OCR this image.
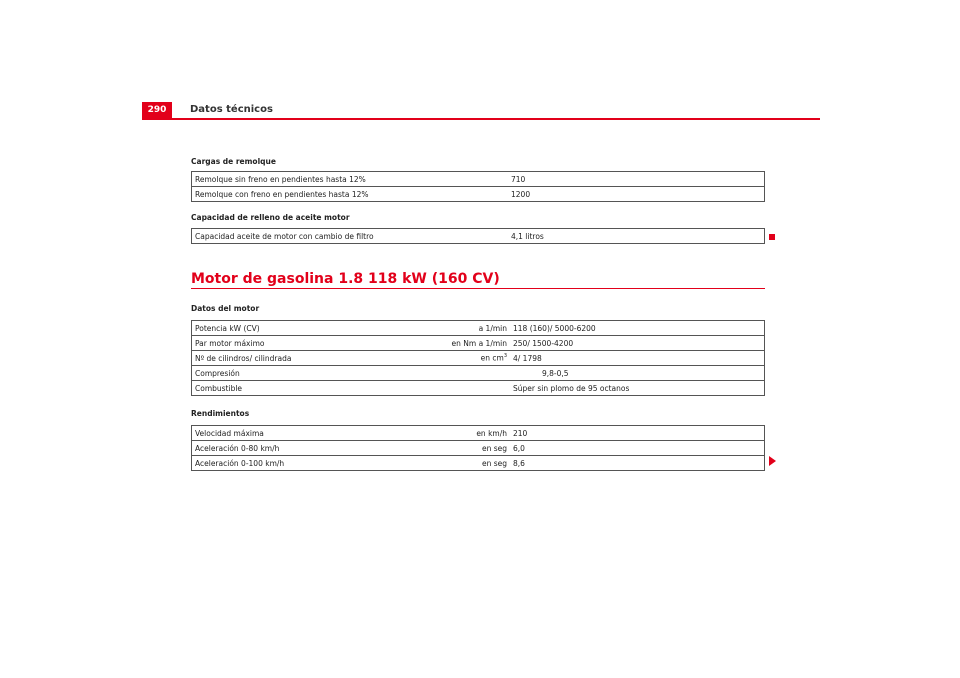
290	Datos técnicos
Cargas de remolque
Remolque sin freno en pendientes hasta 12%	710
Remolque con freno en pendientes hasta 12%	1200
Capacidad de relleno de aceite motor
Capacidad aceite de motor con cambio de filtro	4,1 litros
Motor de gasolina 1.8 118 kW (160 CV)
Datos del motor
Potencia kW (CV)	a 1/min	118 (160)/ 5000-6200
Par motor máximo	en Nm a 1/min	250/ 1500-4200
Nº de cilindros/ cilindrada	en $cm^3$	4/ 1798
Compresión		9,8-0,5
Combustible		Súper sin plomo de 95 octanos
Rendimientos
Velocidad máxima	en km/h	210
Aceleración 0-80 km/h	en seg	6,0
Aceleración 0-100 km/h	en seg	8,6
